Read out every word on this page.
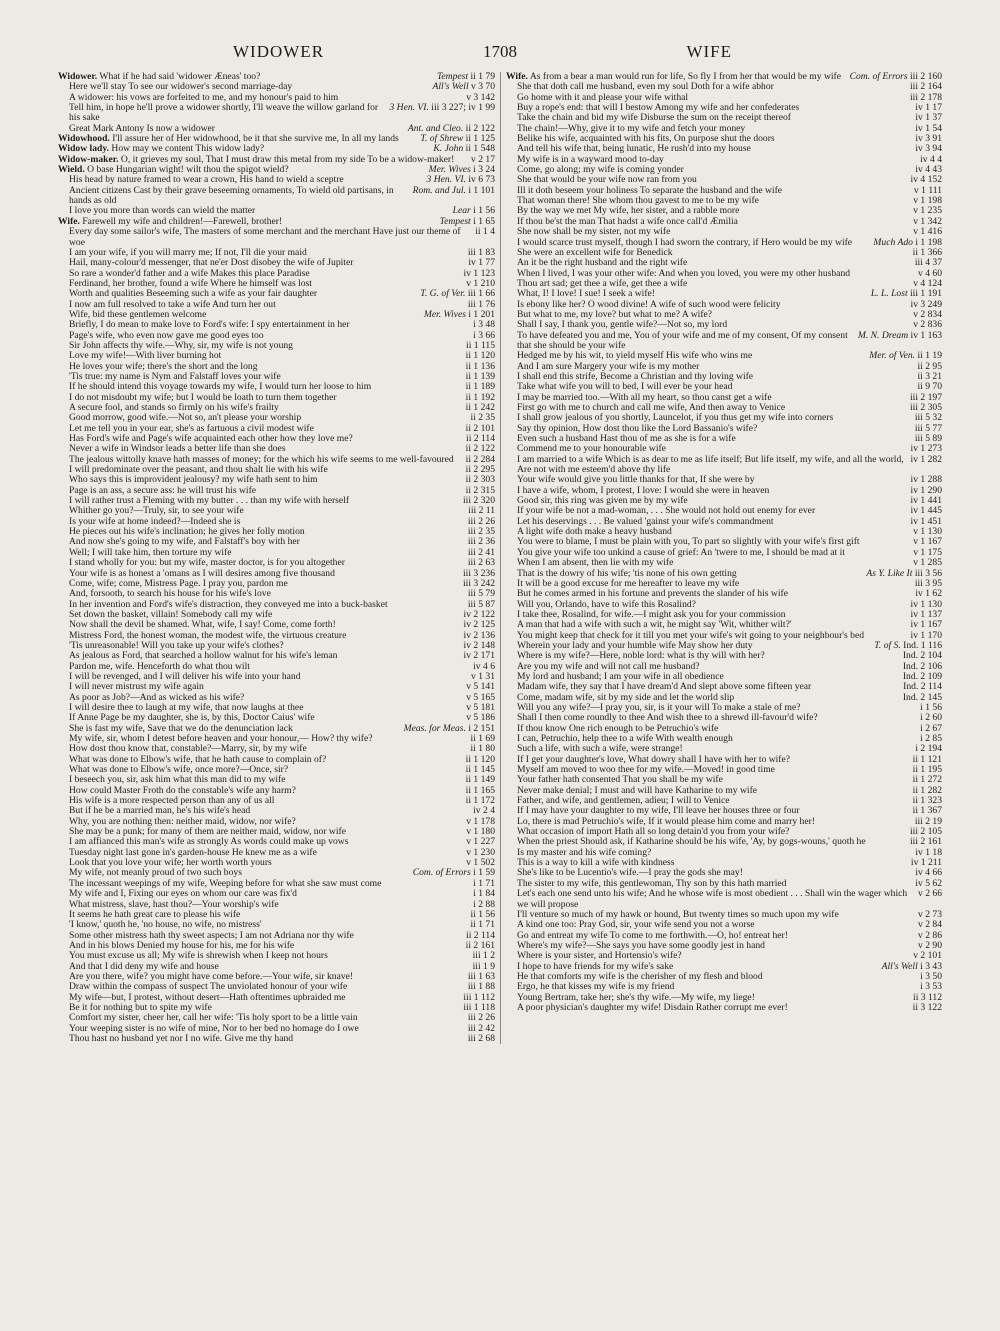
WIDOWER	1708	WIFE

Tempest ii 1 79
Widower. What if he had said 'widower Æneas' too?

All's Well v 3 70
Here we'll stay To see our widower's second marriage-day

v 3 142
A widower: his vows are forfeited to me, and my honour's paid to him

3 Hen. VI. iii 3 227; iv 1 99
Tell him, in hope he'll prove a widower shortly, I'll weave the willow garland for his sake

Ant. and Cleo. ii 2 122
Great Mark Antony Is now a widower

T. of Shrew ii 1 125
Widowhood. I'll assure her of Her widowhood, be it that she survive me, In all my lands

K. John ii 1 548
Widow lady. How may we content This widow lady?

v 2 17
Widow-maker. O, it grieves my soul, That I must draw this metal from my side To be a widow-maker!

Mer. Wives i 3 24
Wield. O base Hungarian wight! wilt thou the spigot wield?

3 Hen. VI. iv 6 73
His head by nature framed to wear a crown, His hand to wield a sceptre

Rom. and Jul. i 1 101
Ancient citizens Cast by their grave beseeming ornaments, To wield old partisans, in hands as old

Lear i 1 56
I love you more than words can wield the matter

Tempest i 1 65
Wife. Farewell my wife and children!—Farewell, brother!

ii 1 4
Every day some sailor's wife, The masters of some merchant and the merchant Have just our theme of woe

iii 1 83
I am your wife, if you will marry me; If not, I'll die your maid

iv 1 77
Hail, many-colour'd messenger, that ne'er Dost disobey the wife of Jupiter

iv 1 123
So rare a wonder'd father and a wife Makes this place Paradise

v 1 210
Ferdinand, her brother, found a wife Where he himself was lost

T. G. of Ver. iii 1 66
Worth and qualities Beseeming such a wife as your fair daughter

iii 1 76
I now am full resolved to take a wife And turn her out

Mer. Wives i 1 201
Wife, bid these gentlemen welcome

i 3 48
Briefly, I do mean to make love to Ford's wife: I spy entertainment in her

i 3 66
Page's wife, who even now gave me good eyes too

ii 1 115
Sir John affects thy wife.—Why, sir, my wife is not young

ii 1 120
Love my wife!—With liver burning hot

ii 1 136
He loves your wife; there's the short and the long

ii 1 139
'Tis true: my name is Nym and Falstaff loves your wife

ii 1 189
If he should intend this voyage towards my wife, I would turn her loose to him

ii 1 192
I do not misdoubt my wife; but I would be loath to turn them together

ii 1 242
A secure fool, and stands so firmly on his wife's frailty

ii 2 35
Good morrow, good wife.—Not so, an't please your worship

ii 2 101
Let me tell you in your ear, she's as fartuous a civil modest wife

ii 2 114
Has Ford's wife and Page's wife acquainted each other how they love me?

ii 2 122
Never a wife in Windsor leads a better life than she does

ii 2 284
The jealous wittolly knave hath masses of money; for the which his wife seems to me well-favoured

ii 2 295
I will predominate over the peasant, and thou shalt lie with his wife

ii 2 303
Who says this is improvident jealousy? my wife hath sent to him

ii 2 315
Page is an ass, a secure ass: he will trust his wife

iii 2 320
I will rather trust a Fleming with my butter . . . than my wife with herself

iii 2 11
Whither go you?—Truly, sir, to see your wife

iii 2 26
Is your wife at home indeed?—Indeed she is

iii 2 35
He pieces out his wife's inclination; he gives her folly motion

iii 2 36
And now she's going to my wife, and Falstaff's boy with her

iii 2 41
Well; I will take him, then torture my wife

iii 2 63
I stand wholly for you: but my wife, master doctor, is for you altogether

iii 3 236
Your wife is as honest a 'omans as I will desires among five thousand

iii 3 242
Come, wife; come, Mistress Page. I pray you, pardon me

iii 5 79
And, forsooth, to search his house for his wife's love

iii 5 87
In her invention and Ford's wife's distraction, they conveyed me into a buck-basket

iv 2 122
Set down the basket, villain! Somebody call my wife

iv 2 125
Now shall the devil be shamed. What, wife, I say! Come, come forth!

iv 2 136
Mistress Ford, the honest woman, the modest wife, the virtuous creature

iv 2 148
'Tis unreasonable! Will you take up your wife's clothes?

iv 2 171
As jealous as Ford, that searched a hollow walnut for his wife's leman

iv 4 6
Pardon me, wife. Henceforth do what thou wilt

v 1 31
I will be revenged, and I will deliver his wife into your hand

v 5 141
I will never mistrust my wife again

v 5 165
As poor as Job?—And as wicked as his wife?

v 5 181
I will desire thee to laugh at my wife, that now laughs at thee

v 5 186
If Anne Page be my daughter, she is, by this, Doctor Caius' wife

Meas. for Meas. i 2 151
She is fast my wife, Save that we do the denunciation lack

ii 1 69
My wife, sir, whom I detest before heaven and your honour,— How? thy wife?

ii 1 80
How dost thou know that, constable?—Marry, sir, by my wife

ii 1 120
What was done to Elbow's wife, that he hath cause to complain of?

ii 1 145
What was done to Elbow's wife, once more?—Once, sir?

ii 1 149
I beseech you, sir, ask him what this man did to my wife

ii 1 165
How could Master Froth do the constable's wife any harm?

ii 1 172
His wife is a more respected person than any of us all

iv 2 4
But if he be a married man, he's his wife's head

v 1 178
Why, you are nothing then: neither maid, widow, nor wife?

v 1 180
She may be a punk; for many of them are neither maid, widow, nor wife

v 1 227
I am affianced this man's wife as strongly As words could make up vows

v 1 230
Tuesday night last gone in's garden-house He knew me as a wife

v 1 502
Look that you love your wife; her worth worth yours

Com. of Errors i 1 59
My wife, not meanly proud of two such boys

i 1 71
The incessant weepings of my wife, Weeping before for what she saw must come

i 1 84
My wife and I, Fixing our eyes on whom our care was fix'd

i 2 88
What mistress, slave, hast thou?—Your worship's wife

ii 1 56
It seems he hath great care to please his wife

ii 1 71
'I know,' quoth he, 'no house, no wife, no mistress'

ii 2 114
Some other mistress hath thy sweet aspects; I am not Adriana nor thy wife

ii 2 161
And in his blows Denied my house for his, me for his wife

iii 1 2
You must excuse us all; My wife is shrewish when I keep not hours

iii 1 9
And that I did deny my wife and house

iii 1 63
Are you there, wife? you might have come before.—Your wife, sir knave!

iii 1 88
Draw within the compass of suspect The unviolated honour of your wife

iii 1 112
My wife—but, I protest, without desert—Hath oftentimes upbraided me

iii 1 118
Be it for nothing but to spite my wife

iii 2 26
Comfort my sister, cheer her, call her wife: 'Tis holy sport to be a little vain

iii 2 42
Your weeping sister is no wife of mine, Nor to her bed no homage do I owe

iii 2 68
Thou hast no husband yet nor I no wife. Give me thy hand

Com. of Errors iii 2 160
Wife. As from a bear a man would run for life, So fly I from her that would be my wife

iii 2 164
She that doth call me husband, even my soul Doth for a wife abhor

iii 2 178
Go home with it and please your wife withal

iv 1 17
Buy a rope's end: that will I bestow Among my wife and her confederates

iv 1 37
Take the chain and bid my wife Disburse the sum on the receipt thereof

iv 1 54
The chain!—Why, give it to my wife and fetch your money

iv 3 91
Belike his wife, acquainted with his fits, On purpose shut the doors

iv 3 94
And tell his wife that, being lunatic, He rush'd into my house

iv 4 4
My wife is in a wayward mood to-day

iv 4 43
Come, go along; my wife is coming yonder

iv 4 152
She that would be your wife now ran from you

v 1 111
Ill it doth beseem your holiness To separate the husband and the wife

v 1 198
That woman there! She whom thou gavest to me to be my wife

v 1 235
By the way we met My wife, her sister, and a rabble more

v 1 342
If thou be'st the man That hadst a wife once call'd Æmilia

v 1 416
She now shall be my sister, not my wife

Much Ado i 1 198
I would scarce trust myself, though I had sworn the contrary, if Hero would be my wife

ii 1 366
She were an excellent wife for Benedick

iii 4 37
An it be the right husband and the right wife

v 4 60
When I lived, I was your other wife: And when you loved, you were my other husband

v 4 124
Thou art sad; get thee a wife, get thee a wife

L. L. Lost iii 1 191
What, I! I love! I sue! I seek a wife!

iv 3 249
Is ebony like her? O wood divine! A wife of such wood were felicity

v 2 834
But what to me, my love? but what to me? A wife?

v 2 836
Shall I say, I thank you, gentle wife?—Not so, my lord

M. N. Dream iv 1 163
To have defeated you and me, You of your wife and me of my consent, Of my consent that she should be your wife

Mer. of Ven. ii 1 19
Hedged me by his wit, to yield myself His wife who wins me

ii 2 95
And I am sure Margery your wife is my mother

ii 3 21
I shall end this strife, Become a Christian and thy loving wife

ii 9 70
Take what wife you will to bed, I will ever be your head

iii 2 197
I may be married too.—With all my heart, so thou canst get a wife

iii 2 305
First go with me to church and call me wife, And then away to Venice

iii 5 32
I shall grow jealous of you shortly, Launcelot, if you thus get my wife into corners

iii 5 77
Say thy opinion, How dost thou like the Lord Bassanio's wife?

iii 5 89
Even such a husband Hast thou of me as she is for a wife

iv 1 273
Commend me to your honourable wife

iv 1 282
I am married to a wife Which is as dear to me as life itself; But life itself, my wife, and all the world, Are not with me esteem'd above thy life

iv 1 288
Your wife would give you little thanks for that, If she were by

iv 1 290
I have a wife, whom, I protest, I love: I would she were in heaven

iv 1 441
Good sir, this ring was given me by my wife

iv 1 445
If your wife be not a mad-woman, . . . She would not hold out enemy for ever

iv 1 451
Let his deservings . . . Be valued 'gainst your wife's commandment

v 1 130
A light wife doth make a heavy husband

v 1 167
You were to blame, I must be plain with you, To part so slightly with your wife's first gift

v 1 175
You give your wife too unkind a cause of grief: An 'twere to me, I should be mad at it

v 1 285
When I am absent, then lie with my wife

As Y. Like It iii 3 56
That is the dowry of his wife; 'tis none of his own getting

iii 3 95
It will be a good excuse for me hereafter to leave my wife

iv 1 62
But he comes armed in his fortune and prevents the slander of his wife

iv 1 130
Will you, Orlando, have to wife this Rosalind?

iv 1 137
I take thee, Rosalind, for wife.—I might ask you for your commission

iv 1 167
A man that had a wife with such a wit, he might say 'Wit, whither wilt?'

iv 1 170
You might keep that check for it till you met your wife's wit going to your neighbour's bed

T. of S. Ind. 1 116
Wherein your lady and your humble wife May show her duty

Ind. 2 104
Where is my wife?—Here, noble lord: what is thy will with her?

Ind. 2 106
Are you my wife and will not call me husband?

Ind. 2 109
My lord and husband; I am your wife in all obedience

Ind. 2 114
Madam wife, they say that I have dream'd And slept above some fifteen year

Ind. 2 145
Come, madam wife, sit by my side and let the world slip

i 1 56
Will you any wife?—I pray you, sir, is it your will To make a stale of me?

i 2 60
Shall I then come roundly to thee And wish thee to a shrewd ill-favour'd wife?

i 2 67
If thou know One rich enough to be Petruchio's wife

i 2 85
I can, Petruchio, help thee to a wife With wealth enough

i 2 194
Such a life, with such a wife, were strange!

ii 1 121
If I get your daughter's love, What dowry shall I have with her to wife?

ii 1 195
Myself am moved to woo thee for my wife.—Moved! in good time

ii 1 272
Your father hath consented That you shall be my wife

ii 1 282
Never make denial; I must and will have Katharine to my wife

ii 1 323
Father, and wife, and gentlemen, adieu; I will to Venice

ii 1 367
If I may have your daughter to my wife, I'll leave her houses three or four

iii 2 19
Lo, there is mad Petruchio's wife, If it would please him come and marry her!

iii 2 105
What occasion of import Hath all so long detain'd you from your wife?

iii 2 161
When the priest Should ask, if Katharine should be his wife, 'Ay, by gogs-wouns,' quoth he

iv 1 18
Is my master and his wife coming?

iv 1 211
This is a way to kill a wife with kindness

iv 4 66
She's like to be Lucentio's wife.—I pray the gods she may!

iv 5 62
The sister to my wife, this gentlewoman, Thy son by this hath married

v 2 66
Let's each one send unto his wife; And he whose wife is most obedient . . . Shall win the wager which we will propose

v 2 73
I'll venture so much of my hawk or hound, But twenty times so much upon my wife

v 2 84
A kind one too: Pray God, sir, your wife send you not a worse

v 2 86
Go and entreat my wife To come to me forthwith.—O, ho! entreat her!

v 2 90
Where's my wife?—She says you have some goodly jest in hand

v 2 101
Where is your sister, and Hortensio's wife?

All's Well i 3 43
I hope to have friends for my wife's sake

i 3 50
He that comforts my wife is the cherisher of my flesh and blood

i 3 53
Ergo, he that kisses my wife is my friend

ii 3 112
Young Bertram, take her; she's thy wife.—My wife, my liege!

ii 3 122
A poor physician's daughter my wife! Disdain Rather corrupt me ever!
